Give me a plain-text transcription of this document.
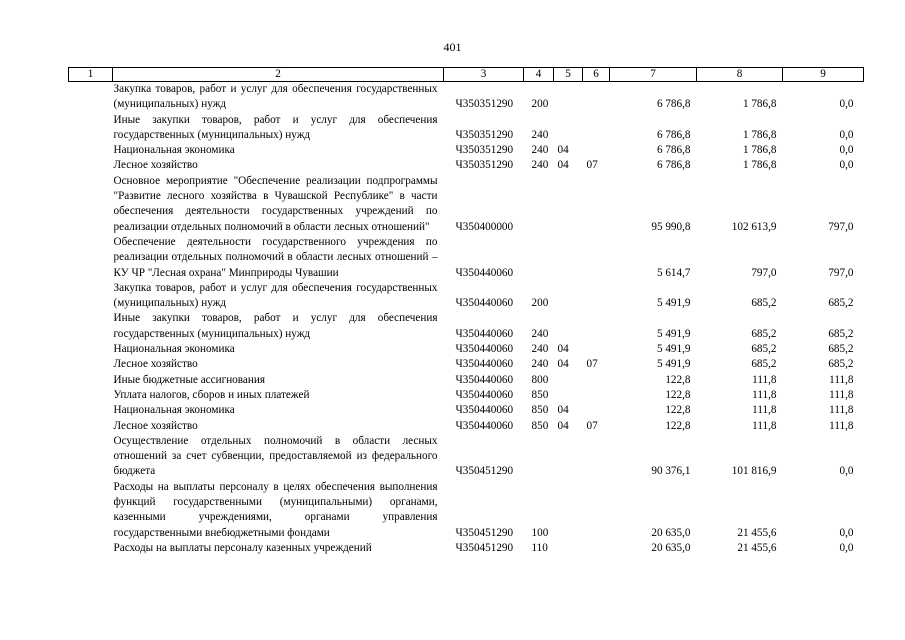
401
1	2	3	4	5	6	7	8	9
	Закупка товаров, работ и услуг для обеспечения государственных (муниципальных) нужд	Ч350351290	200			6 786,8	1 786,8	0,0
	Иные закупки товаров, работ и услуг для обеспечения государственных (муниципальных) нужд	Ч350351290	240			6 786,8	1 786,8	0,0
	Национальная экономика	Ч350351290	240	04		6 786,8	1 786,8	0,0
	Лесное хозяйство	Ч350351290	240	04	07	6 786,8	1 786,8	0,0
	Основное мероприятие "Обеспечение реализации подпрограммы "Развитие лесного хозяйства в Чувашской Республике" в части обеспечения деятельности государственных учреждений по реализации отдельных полномочий в области лесных отношений"	Ч350400000				95 990,8	102 613,9	797,0
	Обеспечение деятельности государственного учреждения по реализации отдельных полномочий в области лесных отношений – КУ ЧР "Лесная охрана" Минприроды Чувашии	Ч350440060				5 614,7	797,0	797,0
	Закупка товаров, работ и услуг для обеспечения государственных (муниципальных) нужд	Ч350440060	200			5 491,9	685,2	685,2
	Иные закупки товаров, работ и услуг для обеспечения государственных (муниципальных) нужд	Ч350440060	240			5 491,9	685,2	685,2
	Национальная экономика	Ч350440060	240	04		5 491,9	685,2	685,2
	Лесное хозяйство	Ч350440060	240	04	07	5 491,9	685,2	685,2
	Иные бюджетные ассигнования	Ч350440060	800			122,8	111,8	111,8
	Уплата налогов, сборов и иных платежей	Ч350440060	850			122,8	111,8	111,8
	Национальная экономика	Ч350440060	850	04		122,8	111,8	111,8
	Лесное хозяйство	Ч350440060	850	04	07	122,8	111,8	111,8
	Осуществление отдельных полномочий в области лесных отношений за счет субвенции, предоставляемой из федерального бюджета	Ч350451290				90 376,1	101 816,9	0,0
	Расходы на выплаты персоналу в целях обеспечения выполнения функций государственными (муниципальными) органами, казенными учреждениями, органами управления государственными внебюджетными фондами	Ч350451290	100			20 635,0	21 455,6	0,0
	Расходы на выплаты персоналу казенных учреждений	Ч350451290	110			20 635,0	21 455,6	0,0
